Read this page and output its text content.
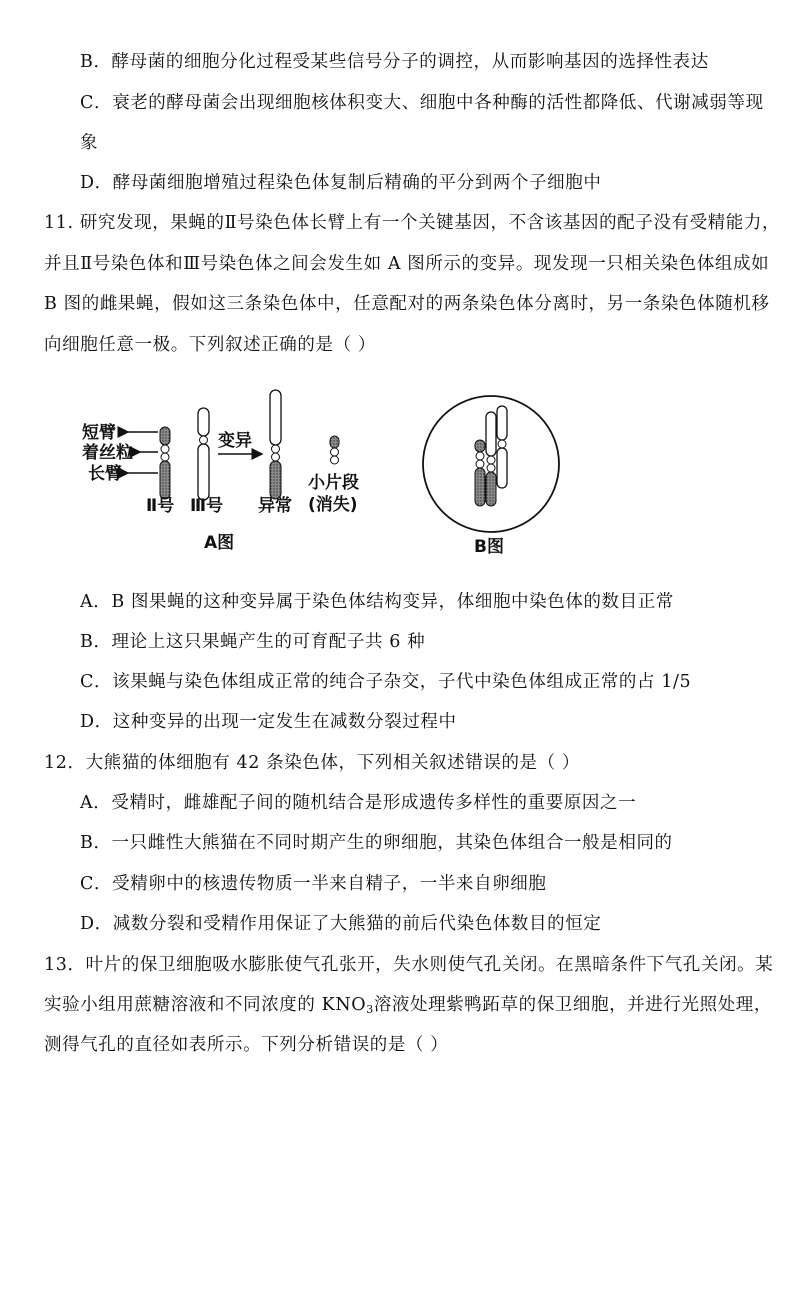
B．酵母菌的细胞分化过程受某些信号分子的调控，从而影响基因的选择性表达
C．衰老的酵母菌会出现细胞核体积变大、细胞中各种酶的活性都降低、代谢减弱等现
象
D．酵母菌细胞增殖过程染色体复制后精确的平分到两个子细胞中
11. 研究发现，果蝇的Ⅱ号染色体长臂上有一个关键基因，不含该基因的配子没有受精能力，
并且Ⅱ号染色体和Ⅲ号染色体之间会发生如 A 图所示的变异。现发现一只相关染色体组成如
B 图的雌果蝇，假如这三条染色体中，任意配对的两条染色体分离时，另一条染色体随机移
向细胞任意一极。下列叙述正确的是（ ）
短臂
着丝粒
长臂
Ⅱ号 Ⅲ号
变异
异常
小片段
(消失)
A图	B图
A．B 图果蝇的这种变异属于染色体结构变异，体细胞中染色体的数目正常
B．理论上这只果蝇产生的可育配子共 6 种
C．该果蝇与染色体组成正常的纯合子杂交，子代中染色体组成正常的占 1/5
D．这种变异的出现一定发生在减数分裂过程中
12．大熊猫的体细胞有 42 条染色体，下列相关叙述错误的是（ ）
A．受精时，雌雄配子间的随机结合是形成遗传多样性的重要原因之一
B．一只雌性大熊猫在不同时期产生的卵细胞，其染色体组合一般是相同的
C．受精卵中的核遗传物质一半来自精子，一半来自卵细胞
D．减数分裂和受精作用保证了大熊猫的前后代染色体数目的恒定
13．叶片的保卫细胞吸水膨胀使气孔张开，失水则使气孔关闭。在黑暗条件下气孔关闭。某
实验小组用蔗糖溶液和不同浓度的 $KNO_3$溶液处理紫鸭跖草的保卫细胞，并进行光照处理，
测得气孔的直径如表所示。下列分析错误的是（ ）
